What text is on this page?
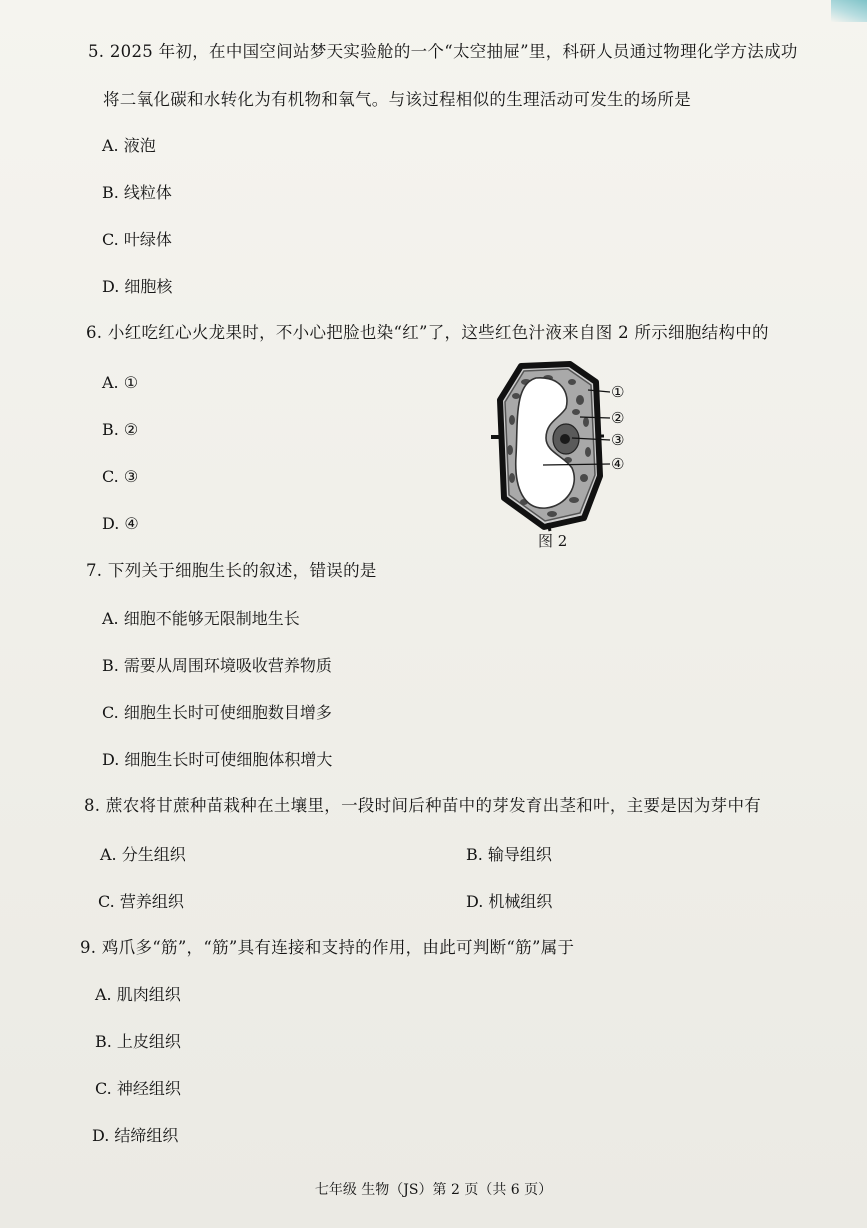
5. 2025 年初，在中国空间站梦天实验舱的一个“太空抽屉”里，科研人员通过物理化学方法成功
将二氧化碳和水转化为有机物和氧气。与该过程相似的生理活动可发生的场所是
A. 液泡
B. 线粒体
C. 叶绿体
D. 细胞核
6. 小红吃红心火龙果时，不小心把脸也染“红”了，这些红色汁液来自图 2 所示细胞结构中的
A. ①
B. ②
C. ③
D. ④
①
②
③
④
图 2
7. 下列关于细胞生长的叙述，错误的是
A. 细胞不能够无限制地生长
B. 需要从周围环境吸收营养物质
C. 细胞生长时可使细胞数目增多
D. 细胞生长时可使细胞体积增大
8. 蔗农将甘蔗种苗栽种在土壤里，一段时间后种苗中的芽发育出茎和叶，主要是因为芽中有
A. 分生组织	B. 输导组织
C. 营养组织	D. 机械组织
9. 鸡爪多“筋”，“筋”具有连接和支持的作用，由此可判断“筋”属于
A. 肌肉组织
B. 上皮组织
C. 神经组织
D. 结缔组织
七年级 生物（JS）第 2 页（共 6 页）
